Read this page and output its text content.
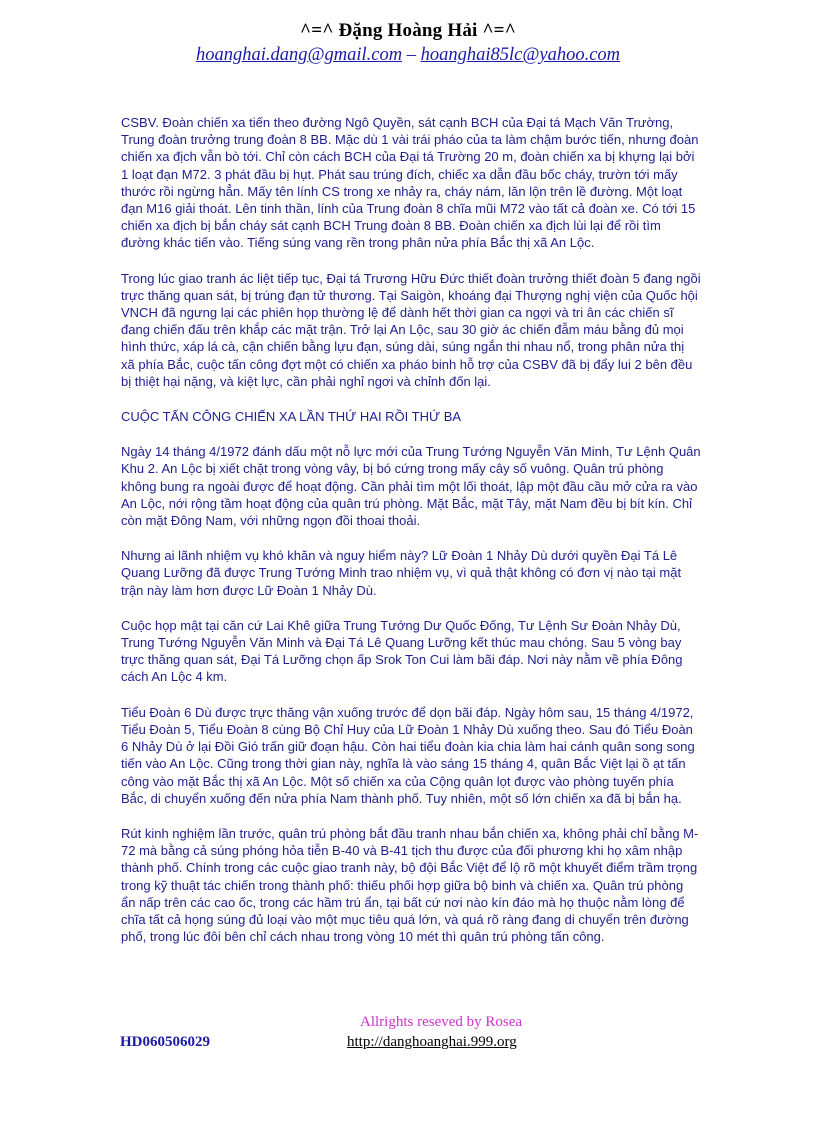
^=^ Đặng Hoàng Hải ^=^
hoanghai.dang@gmail.com – hoanghai85lc@yahoo.com

CSBV. Đoàn chiến xa tiến theo đường Ngô Quyền, sát cạnh BCH của Đại tá Mạch Văn Trường, Trung đoàn trưởng trung đoàn 8 BB. Mặc dù 1 vài trái pháo của ta làm chậm bước tiến, nhưng đoàn chiến xa địch vẫn bò tới. Chỉ còn cách BCH của Đại tá Trường 20 m, đoàn chiến xa bị khựng lại bởi 1 loạt đạn M72. 3 phát đầu bị hụt. Phát sau trúng đích, chiếc xa dẫn đầu bốc cháy, trườn tới mấy thước rồi ngừng hẳn. Mấy tên lính CS trong xe nhảy ra, cháy nám, lăn lộn trên lề đường. Một loạt đạn M16 giải thoát. Lên tinh thần, lính của Trung đoàn 8 chĩa mũi M72 vào tất cả đoàn xe. Có tới 15 chiến xa địch bị bắn cháy sát cạnh BCH Trung đoàn 8 BB. Đoàn chiến xa địch lùi lại để rồi tìm đường khác tiến vào. Tiếng súng vang rền trong phân nửa phía Bắc thị xã An Lộc.

Trong lúc giao tranh ác liệt tiếp tục, Đại tá Trương Hữu Đức thiết đoàn trưởng thiết đoàn 5 đang ngồi trực thăng quan sát, bị trúng đạn tử thương. Tại Saigòn, khoáng đại Thượng nghị viện của Quốc hội VNCH đã ngưng lại các phiên họp thường lệ để dành hết thời gian ca ngợi và tri ân các chiến sĩ đang chiến đấu trên khắp các mặt trận. Trở lại An Lộc, sau 30 giờ ác chiến đẫm máu bằng đủ mọi hình thức, xáp lá cà, cận chiến bằng lựu đạn, súng dài, súng ngắn thi nhau nổ, trong phân nửa thị xã phía Bắc, cuộc tấn công đợt một có chiến xa pháo binh hỗ trợ của CSBV đã bị đẩy lui 2 bên đều bị thiệt hại nặng, và kiệt lực, cần phải nghỉ ngơi và chỉnh đốn lại.

CUỘC TẤN CÔNG CHIẾN XA LẦN THỨ HAI RỒI THỨ BA

Ngày 14 tháng 4/1972 đánh dấu một nỗ lực mới của Trung Tướng Nguyễn Văn Minh, Tư Lệnh Quân Khu 2. An Lộc bị xiết chặt trong vòng vây, bị bó cứng trong mấy cây số vuông. Quân trú phòng không bung ra ngoài được để hoạt động. Cần phải tìm một lối thoát, lập một đầu cầu mở cửa ra vào An Lộc, nới rộng tầm hoạt động của quân trú phòng. Mặt Bắc, mặt Tây, mặt Nam đều bị bít kín. Chỉ còn mặt Đông Nam, với những ngọn đồi thoai thoải.

Nhưng ai lãnh nhiệm vụ khó khăn và nguy hiểm này? Lữ Đoàn 1 Nhảy Dù dưới quyền Đại Tá Lê Quang Lưỡng đã được Trung Tướng Minh trao nhiệm vụ, vì quả thật không có đơn vị nào tại mặt trận này làm hơn được Lữ Đoàn 1 Nhảy Dù.

Cuộc họp mật tại căn cứ Lai Khê giữa Trung Tướng Dư Quốc Đống, Tư Lệnh Sư Đoàn Nhảy Dù, Trung Tướng Nguyễn Văn Minh và Đại Tá Lê Quang Lưỡng kết thúc mau chóng. Sau 5 vòng bay trực thăng quan sát, Đại Tá Lưỡng chọn ấp Srok Ton Cui làm bãi đáp. Nơi này nằm về phía Đông cách An Lộc 4 km.

Tiểu Đoàn 6 Dù được trực thăng vận xuống trước để dọn bãi đáp. Ngày hôm sau, 15 tháng 4/1972, Tiểu Đoàn 5, Tiểu Đoàn 8 cùng Bộ Chỉ Huy của Lữ Đoàn 1 Nhảy Dù xuống theo. Sau đó Tiểu Đoàn 6 Nhảy Dù ở lại Đồi Gió trấn giữ đoạn hậu. Còn hai tiểu đoàn kia chia làm hai cánh quân song song tiến vào An Lộc. Cũng trong thời gian này, nghĩa là vào sáng 15 tháng 4, quân Bắc Việt lại ồ ạt tấn công vào mặt Bắc thị xã An Lộc. Một số chiến xa của Cộng quân lọt được vào phòng tuyến phía Bắc, di chuyển xuống đến nửa phía Nam thành phố. Tuy nhiên, một số lớn chiến xa đã bị bắn hạ.

Rút kinh nghiệm lần trước, quân trú phòng bắt đầu tranh nhau bắn chiến xa, không phải chỉ bằng M-72 mà bằng cả súng phóng hỏa tiễn B-40 và B-41 tịch thu được của đối phương khi họ xâm nhập thành phố. Chính trong các cuộc giao tranh này, bộ đội Bắc Việt để lộ rõ một khuyết điểm trầm trọng trong kỹ thuật tác chiến trong thành phố: thiếu phối hợp giữa bộ binh và chiến xa. Quân trú phòng ẩn nấp trên các cao ốc, trong các hầm trú ẩn, tại bất cứ nơi nào kín đáo mà họ thuộc nằm lòng để chĩa tất cả họng súng đủ loại vào một mục tiêu quá lớn, và quá rõ ràng đang di chuyển trên đường phố, trong lúc đôi bên chỉ cách nhau trong vòng 10 mét thì quân trú phòng tấn công.

Allrights reseved by Rosea
HD060506029	http://danghoanghai.999.org
